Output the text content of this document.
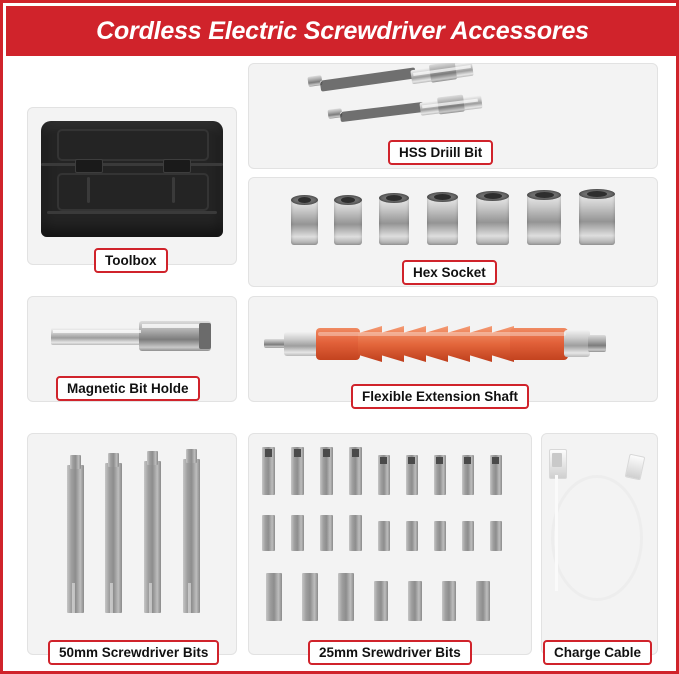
Cordless Electric Screwdriver Accessores
Toolbox
HSS Driill Bit
Hex Socket
Magnetic Bit Holde
Flexible Extension Shaft
50mm Screwdriver Bits	25mm Srewdriver Bits	Charge Cable
